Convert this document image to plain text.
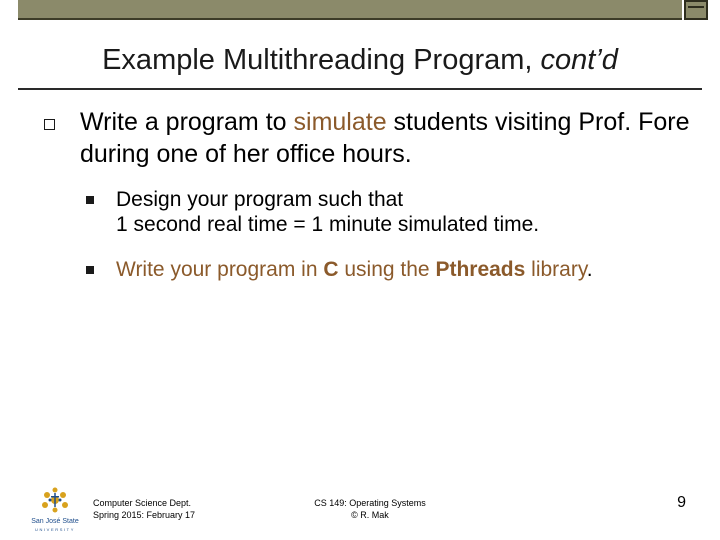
Example Multithreading Program, cont’d
Write a program to simulate students visiting Prof. Fore during one of her office hours.
Design your program such that
1 second real time = 1 minute simulated time.
Write your program in C using the Pthreads library.
San José State
UNIVERSITY
Computer Science Dept.
Spring 2015: February 17
CS 149: Operating Systems
© R. Mak
9
